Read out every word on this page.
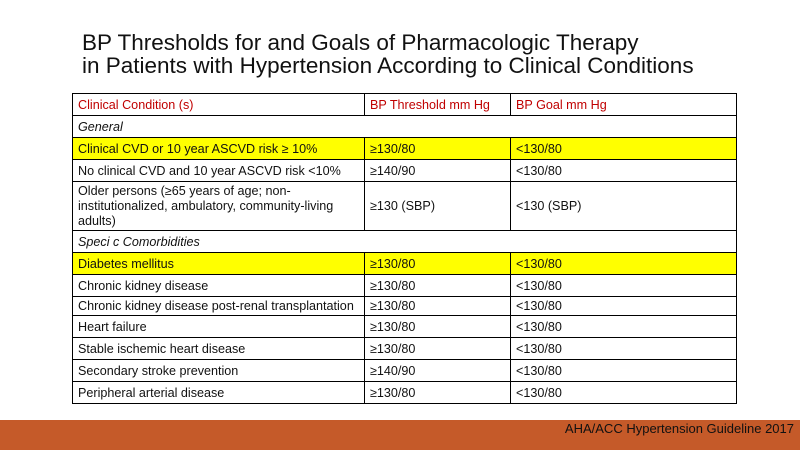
BP Thresholds for and Goals of Pharmacologic Therapy
in Patients with Hypertension According to Clinical Conditions
Clinical Condition (s)	BP Threshold mm Hg	BP Goal mm Hg
General		
Clinical CVD or 10 year ASCVD risk ≥ 10%	≥130/80	<130/80
No clinical CVD and 10 year ASCVD risk <10%	≥140/90	<130/80
Older persons (≥65 years of age; non-institutionalized, ambulatory, community-living adults)	≥130 (SBP)	<130 (SBP)
Speci c Comorbidities		
Diabetes mellitus	≥130/80	<130/80
Chronic kidney disease	≥130/80	<130/80
Chronic kidney disease post-renal transplantation	≥130/80	<130/80
Heart failure	≥130/80	<130/80
Stable ischemic heart disease	≥130/80	<130/80
Secondary stroke prevention	≥140/90	<130/80
Peripheral arterial disease	≥130/80	<130/80
AHA/ACC Hypertension Guideline 2017
